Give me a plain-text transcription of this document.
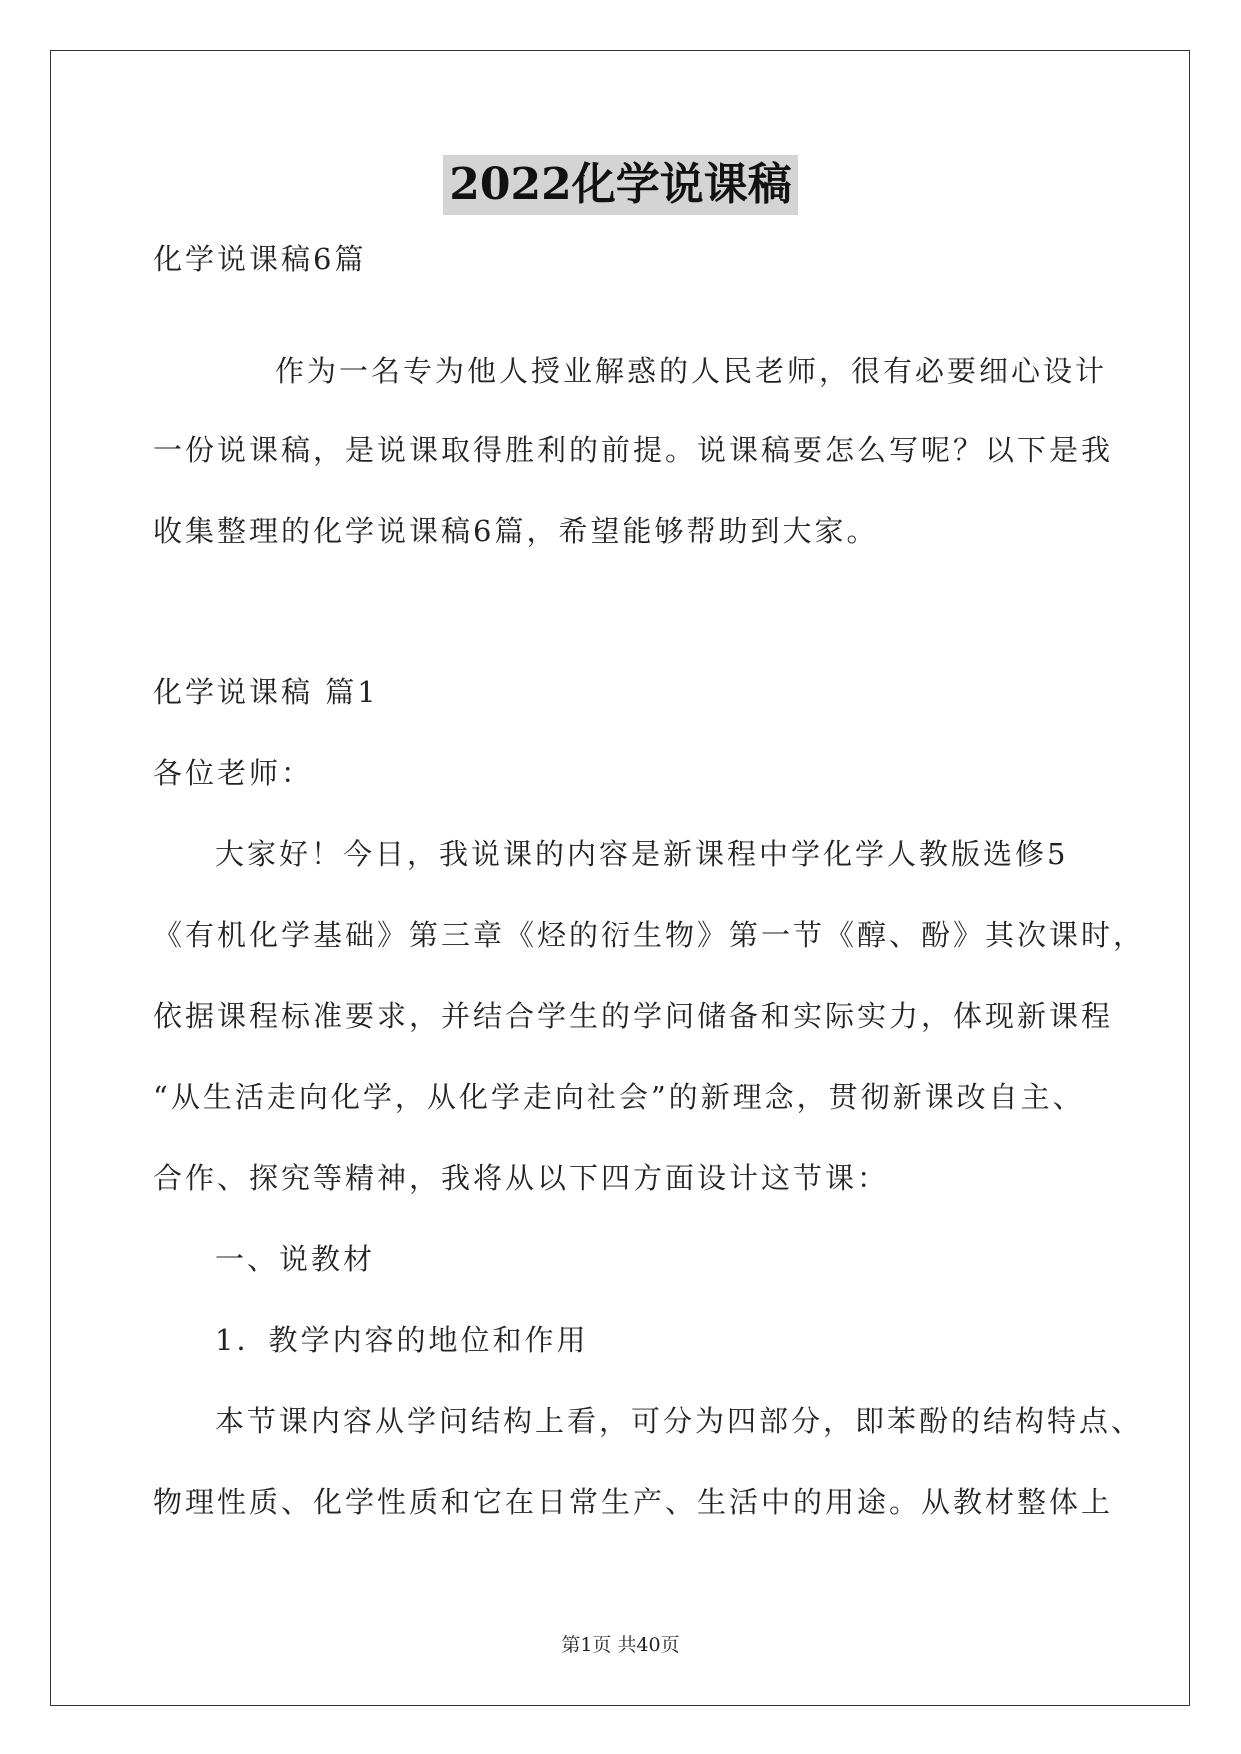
2022化学说课稿
化学说课稿6篇
作为一名专为他人授业解惑的人民老师，很有必要细心设计
一份说课稿，是说课取得胜利的前提。说课稿要怎么写呢？以下是我
收集整理的化学说课稿6篇，希望能够帮助到大家。
化学说课稿 篇1
各位老师：
大家好！今日，我说课的内容是新课程中学化学人教版选修5
《有机化学基础》第三章《烃的衍生物》第一节《醇、酚》其次课时，
依据课程标准要求，并结合学生的学问储备和实际实力，体现新课程
“从生活走向化学，从化学走向社会”的新理念，贯彻新课改自主、
合作、探究等精神，我将从以下四方面设计这节课：
一、说教材
1．教学内容的地位和作用
本节课内容从学问结构上看，可分为四部分，即苯酚的结构特点、
物理性质、化学性质和它在日常生产、生活中的用途。从教材整体上
第1页 共40页
